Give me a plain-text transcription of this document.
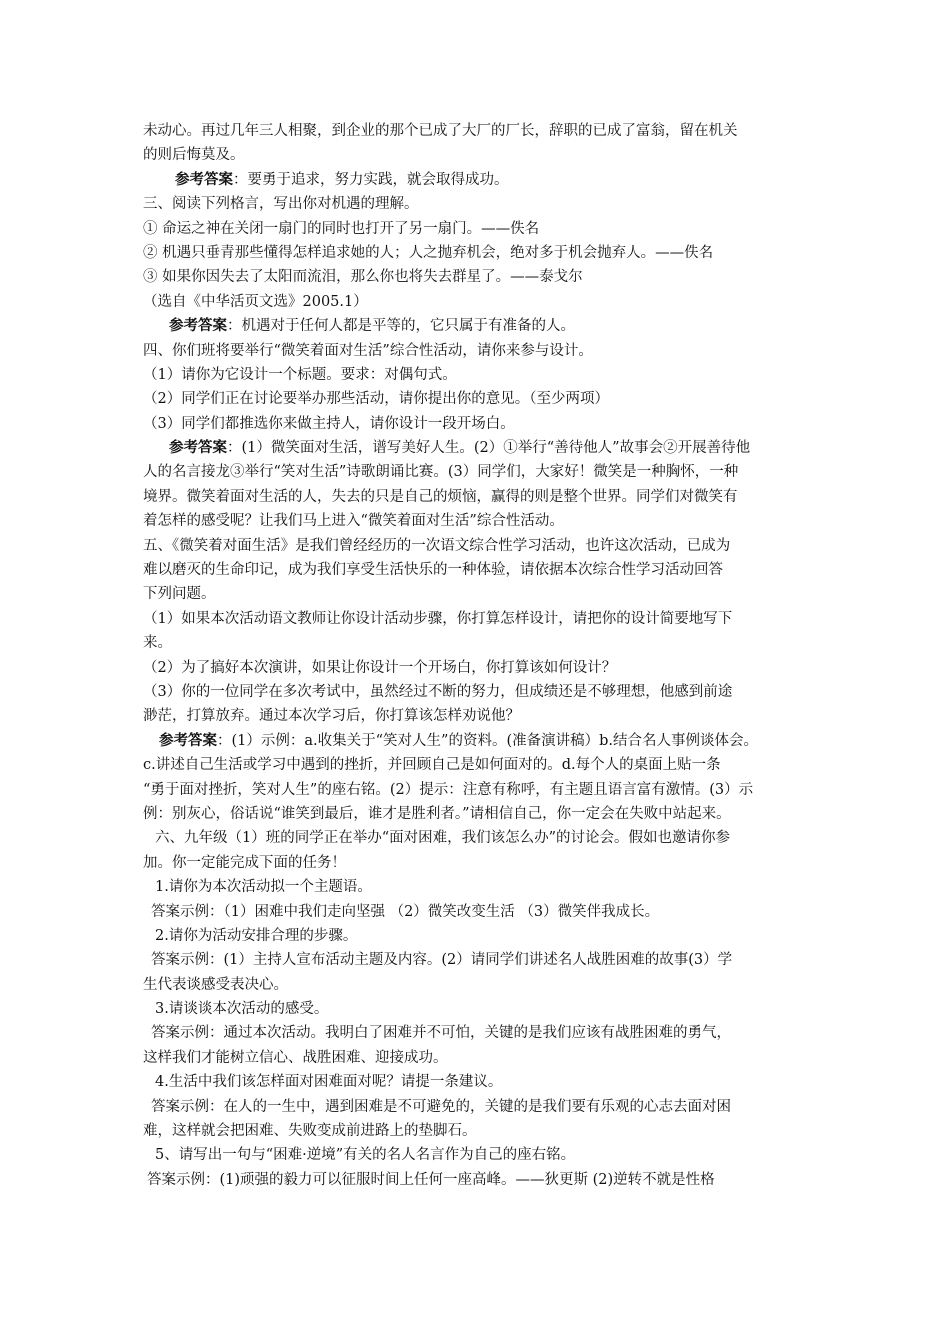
未动心。再过几年三人相聚，到企业的那个已成了大厂的厂长，辞职的已成了富翁，留在机关
的则后悔莫及。
参考答案：要勇于追求，努力实践，就会取得成功。
三、阅读下列格言，写出你对机遇的理解。
① 命运之神在关闭一扇门的同时也打开了另一扇门。——佚名
② 机遇只垂青那些懂得怎样追求她的人；人之抛弃机会，绝对多于机会抛弃人。——佚名
③ 如果你因失去了太阳而流泪，那么你也将失去群星了。——泰戈尔
（选自《中华活页文选》2005.1）
参考答案：机遇对于任何人都是平等的，它只属于有准备的人。
四、你们班将要举行“微笑着面对生活”综合性活动，请你来参与设计。
（1）请你为它设计一个标题。要求：对偶句式。
（2）同学们正在讨论要举办那些活动，请你提出你的意见。（至少两项）
（3）同学们都推选你来做主持人，请你设计一段开场白。
参考答案：(1）微笑面对生活，谱写美好人生。(2）①举行“善待他人”故事会②开展善待他
人的名言接龙③举行“笑对生活”诗歌朗诵比赛。(3）同学们，大家好！微笑是一种胸怀，一种
境界。微笑着面对生活的人，失去的只是自己的烦恼，赢得的则是整个世界。同学们对微笑有
着怎样的感受呢？让我们马上进入“微笑着面对生活”综合性活动。
五、《微笑着对面生活》是我们曾经经历的一次语文综合性学习活动，也许这次活动，已成为
难以磨灭的生命印记，成为我们享受生活快乐的一种体验，请依据本次综合性学习活动回答
下列问题。
（1）如果本次活动语文教师让你设计活动步骤，你打算怎样设计，请把你的设计简要地写下
来。
（2）为了搞好本次演讲，如果让你设计一个开场白，你打算该如何设计？
（3）你的一位同学在多次考试中，虽然经过不断的努力，但成绩还是不够理想，他感到前途
渺茫，打算放弃。通过本次学习后，你打算该怎样劝说他？
参考答案：(1）示例：a.收集关于“笑对人生”的资料。(准备演讲稿）b.结合名人事例谈体会。
c.讲述自己生活或学习中遇到的挫折，并回顾自己是如何面对的。d.每个人的桌面上贴一条
“勇于面对挫折，笑对人生”的座右铭。(2）提示：注意有称呼，有主题且语言富有激情。(3）示
例：别灰心，俗话说“谁笑到最后，谁才是胜利者。”请相信自己，你一定会在失败中站起来。
六、九年级（1）班的同学正在举办“面对困难，我们该怎么办”的讨论会。假如也邀请你参
加。你一定能完成下面的任务！
1.请你为本次活动拟一个主题语。
答案示例：（1）困难中我们走向坚强 （2）微笑改变生活 （3）微笑伴我成长。
2.请你为活动安排合理的步骤。
答案示例：(1）主持人宣布活动主题及内容。(2）请同学们讲述名人战胜困难的故事(3）学
生代表谈感受表决心。
3.请谈谈本次活动的感受。
答案示例：通过本次活动。我明白了困难并不可怕，关键的是我们应该有战胜困难的勇气，
这样我们才能树立信心、战胜困难、迎接成功。
4.生活中我们该怎样面对困难面对呢？请提一条建议。
答案示例：在人的一生中，遇到困难是不可避免的，关键的是我们要有乐观的心志去面对困
难，这样就会把困难、失败变成前进路上的垫脚石。
5、请写出一句与“困难·逆境”有关的名人名言作为自己的座右铭。
答案示例：(1)顽强的毅力可以征服时间上任何一座高峰。——狄更斯 (2)逆转不就是性格
